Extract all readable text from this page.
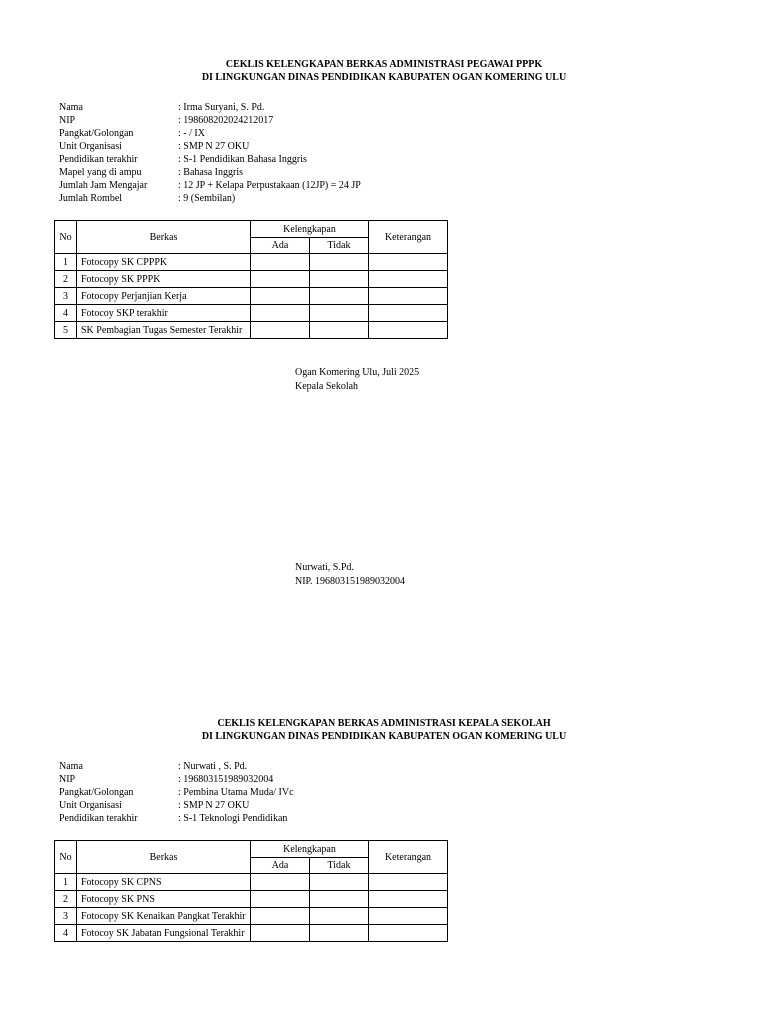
CEKLIS KELENGKAPAN BERKAS ADMINISTRASI PEGAWAI PPPK
DI LINGKUNGAN DINAS PENDIDIKAN KABUPATEN OGAN KOMERING ULU
Nama	: Irma Suryani, S. Pd.
NIP	: 198608202024212017
Pangkat/Golongan	: - / IX
Unit Organisasi	: SMP N 27 OKU
Pendidikan terakhir	: S-1 Pendidikan Bahasa Inggris
Mapel yang di ampu	: Bahasa Inggris
Jumlah Jam Mengajar	: 12 JP + Kelapa Perpustakaan (12JP) = 24 JP
Jumlah Rombel	: 9 (Sembilan)
No	Berkas	Kelengkapan		Keterangan
		Ada	Tidak	
1	Fotocopy SK CPPPK			
2	Fotocopy SK PPPK			
3	Fotocopy Perjanjian Kerja			
4	Fotocoy SKP terakhir			
5	SK Pembagian Tugas Semester Terakhir			
Ogan Komering Ulu, Juli 2025
Kepala Sekolah
Nurwati, S.Pd.
NIP. 196803151989032004
CEKLIS KELENGKAPAN BERKAS ADMINISTRASI KEPALA SEKOLAH
DI LINGKUNGAN DINAS PENDIDIKAN KABUPATEN OGAN KOMERING ULU
Nama	: Nurwati , S. Pd.
NIP	: 196803151989032004
Pangkat/Golongan	: Pembina Utama Muda/ IVc
Unit Organisasi	: SMP N 27 OKU
Pendidikan terakhir	: S-1 Teknologi Pendidikan
No	Berkas	Kelengkapan		Keterangan
		Ada	Tidak	
1	Fotocopy SK CPNS			
2	Fotocopy SK PNS			
3	Fotocopy SK Kenaikan Pangkat Terakhir			
4	Fotocoy SK Jabatan Fungsional Terakhir			
